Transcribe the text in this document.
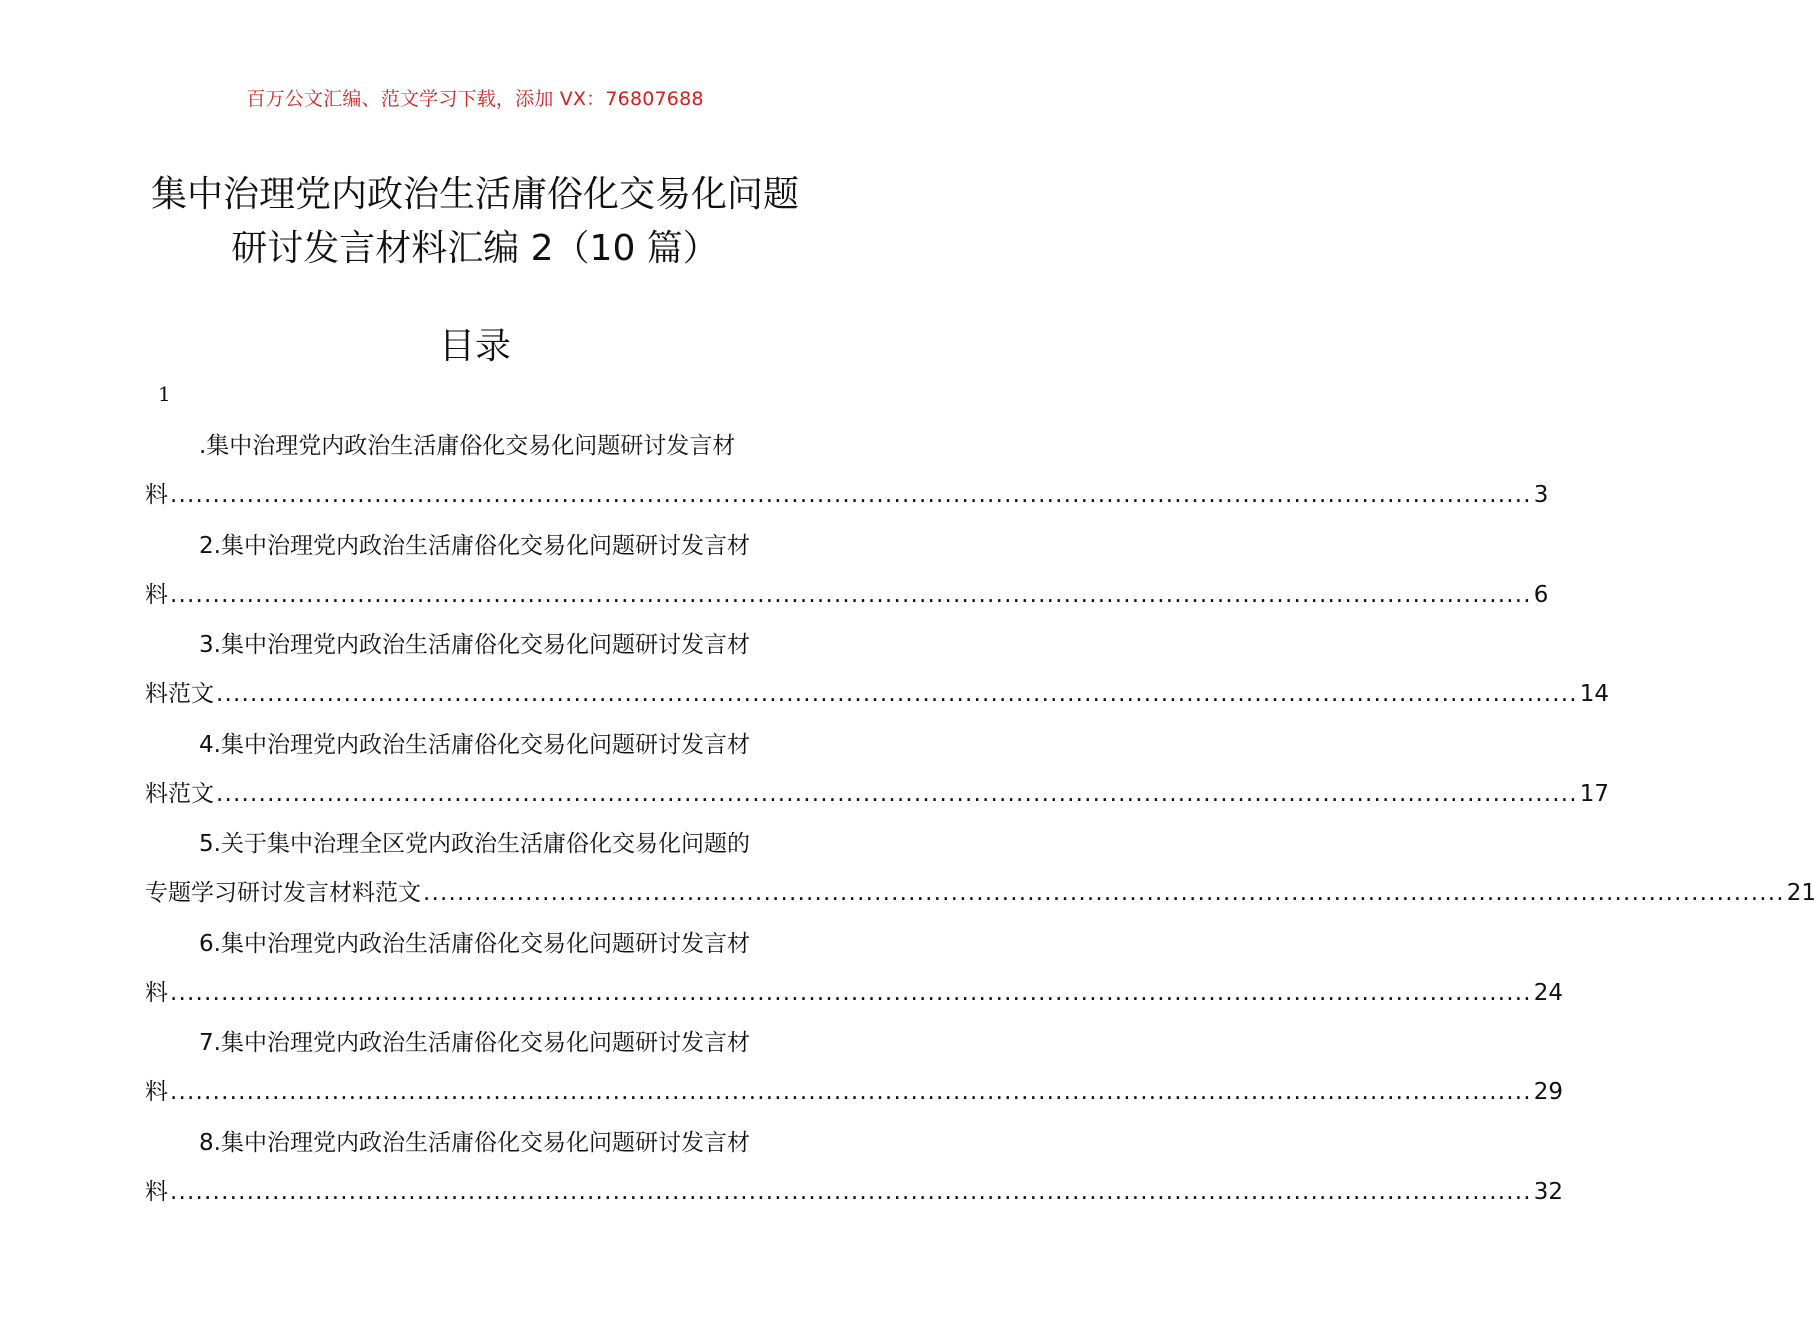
百万公文汇编、范文学习下载，添加 VX：76807688
集中治理党内政治生活庸俗化交易化问题
研讨发言材料汇编 2（10 篇）
目录
1
.集中治理党内政治生活庸俗化交易化问题研讨发言材
料 ................................................................................................................................................................ 3
2.集中治理党内政治生活庸俗化交易化问题研讨发言材
料 ................................................................................................................................................................ 6
3.集中治理党内政治生活庸俗化交易化问题研讨发言材
料范文 ................................................................................................................................................................ 14
4.集中治理党内政治生活庸俗化交易化问题研讨发言材
料范文 ................................................................................................................................................................ 17
5.关于集中治理全区党内政治生活庸俗化交易化问题的
专题学习研讨发言材料范文 ................................................................................................................................................................ 21
6.集中治理党内政治生活庸俗化交易化问题研讨发言材
料 ................................................................................................................................................................ 24
7.集中治理党内政治生活庸俗化交易化问题研讨发言材
料 ................................................................................................................................................................ 29
8.集中治理党内政治生活庸俗化交易化问题研讨发言材
料 ................................................................................................................................................................ 32
